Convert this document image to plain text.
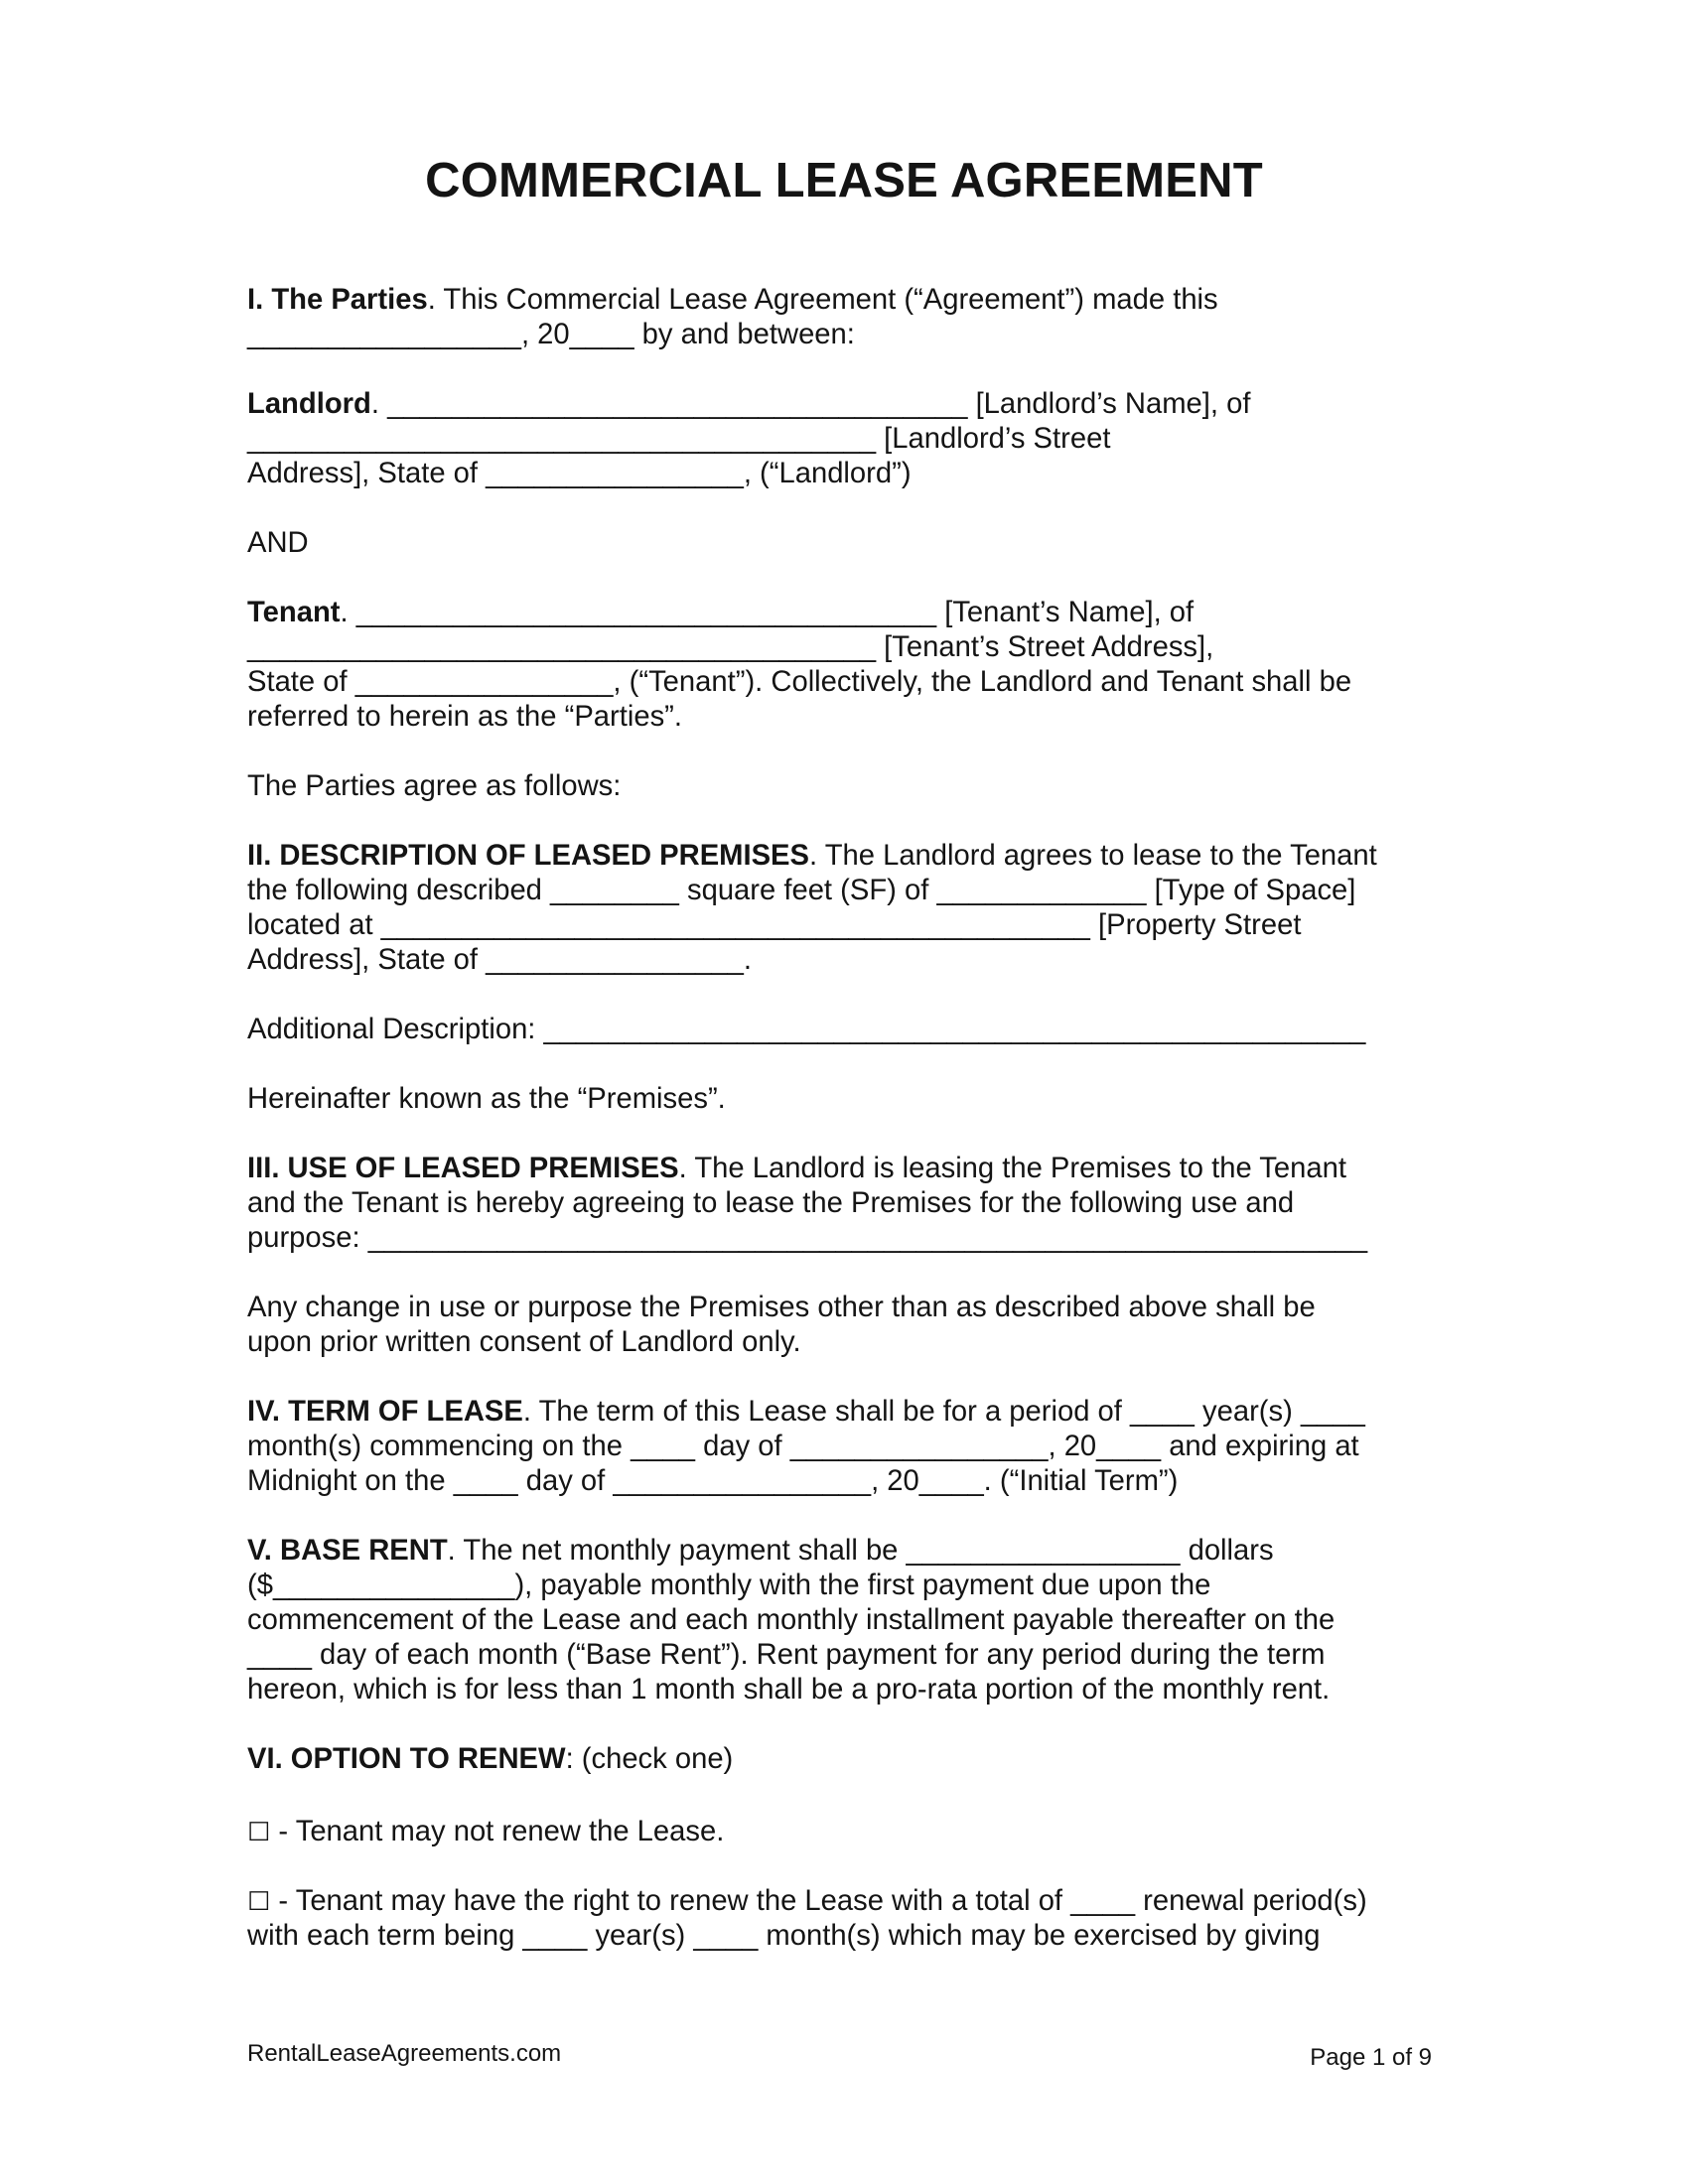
COMMERCIAL LEASE AGREEMENT
I. The Parties. This Commercial Lease Agreement (“Agreement”) made this
_________________, 20____ by and between:
Landlord. ____________________________________ [Landlord’s Name], of
_______________________________________ [Landlord’s Street
Address], State of ________________, (“Landlord”)
AND
Tenant. ____________________________________ [Tenant’s Name], of
_______________________________________ [Tenant’s Street Address],
State of ________________, (“Tenant”). Collectively, the Landlord and Tenant shall be
referred to herein as the “Parties”.
The Parties agree as follows:
II. DESCRIPTION OF LEASED PREMISES. The Landlord agrees to lease to the Tenant
the following described ________ square feet (SF) of _____________ [Type of Space]
located at ____________________________________________ [Property Street
Address], State of ________________.
Additional Description: ___________________________________________________
Hereinafter known as the “Premises”.
III. USE OF LEASED PREMISES. The Landlord is leasing the Premises to the Tenant
and the Tenant is hereby agreeing to lease the Premises for the following use and
purpose: ______________________________________________________________
Any change in use or purpose the Premises other than as described above shall be
upon prior written consent of Landlord only.
IV. TERM OF LEASE. The term of this Lease shall be for a period of ____ year(s) ____
month(s) commencing on the ____ day of ________________, 20____ and expiring at
Midnight on the ____ day of ________________, 20____. (“Initial Term”)
V. BASE RENT. The net monthly payment shall be _________________ dollars
($_______________), payable monthly with the first payment due upon the
commencement of the Lease and each monthly installment payable thereafter on the
____ day of each month (“Base Rent”). Rent payment for any period during the term
hereon, which is for less than 1 month shall be a pro-rata portion of the monthly rent.
VI. OPTION TO RENEW: (check one)
☐ - Tenant may not renew the Lease.
☐ - Tenant may have the right to renew the Lease with a total of ____ renewal period(s)
with each term being ____ year(s) ____ month(s) which may be exercised by giving
RentalLeaseAgreements.com	Page 1 of 9
